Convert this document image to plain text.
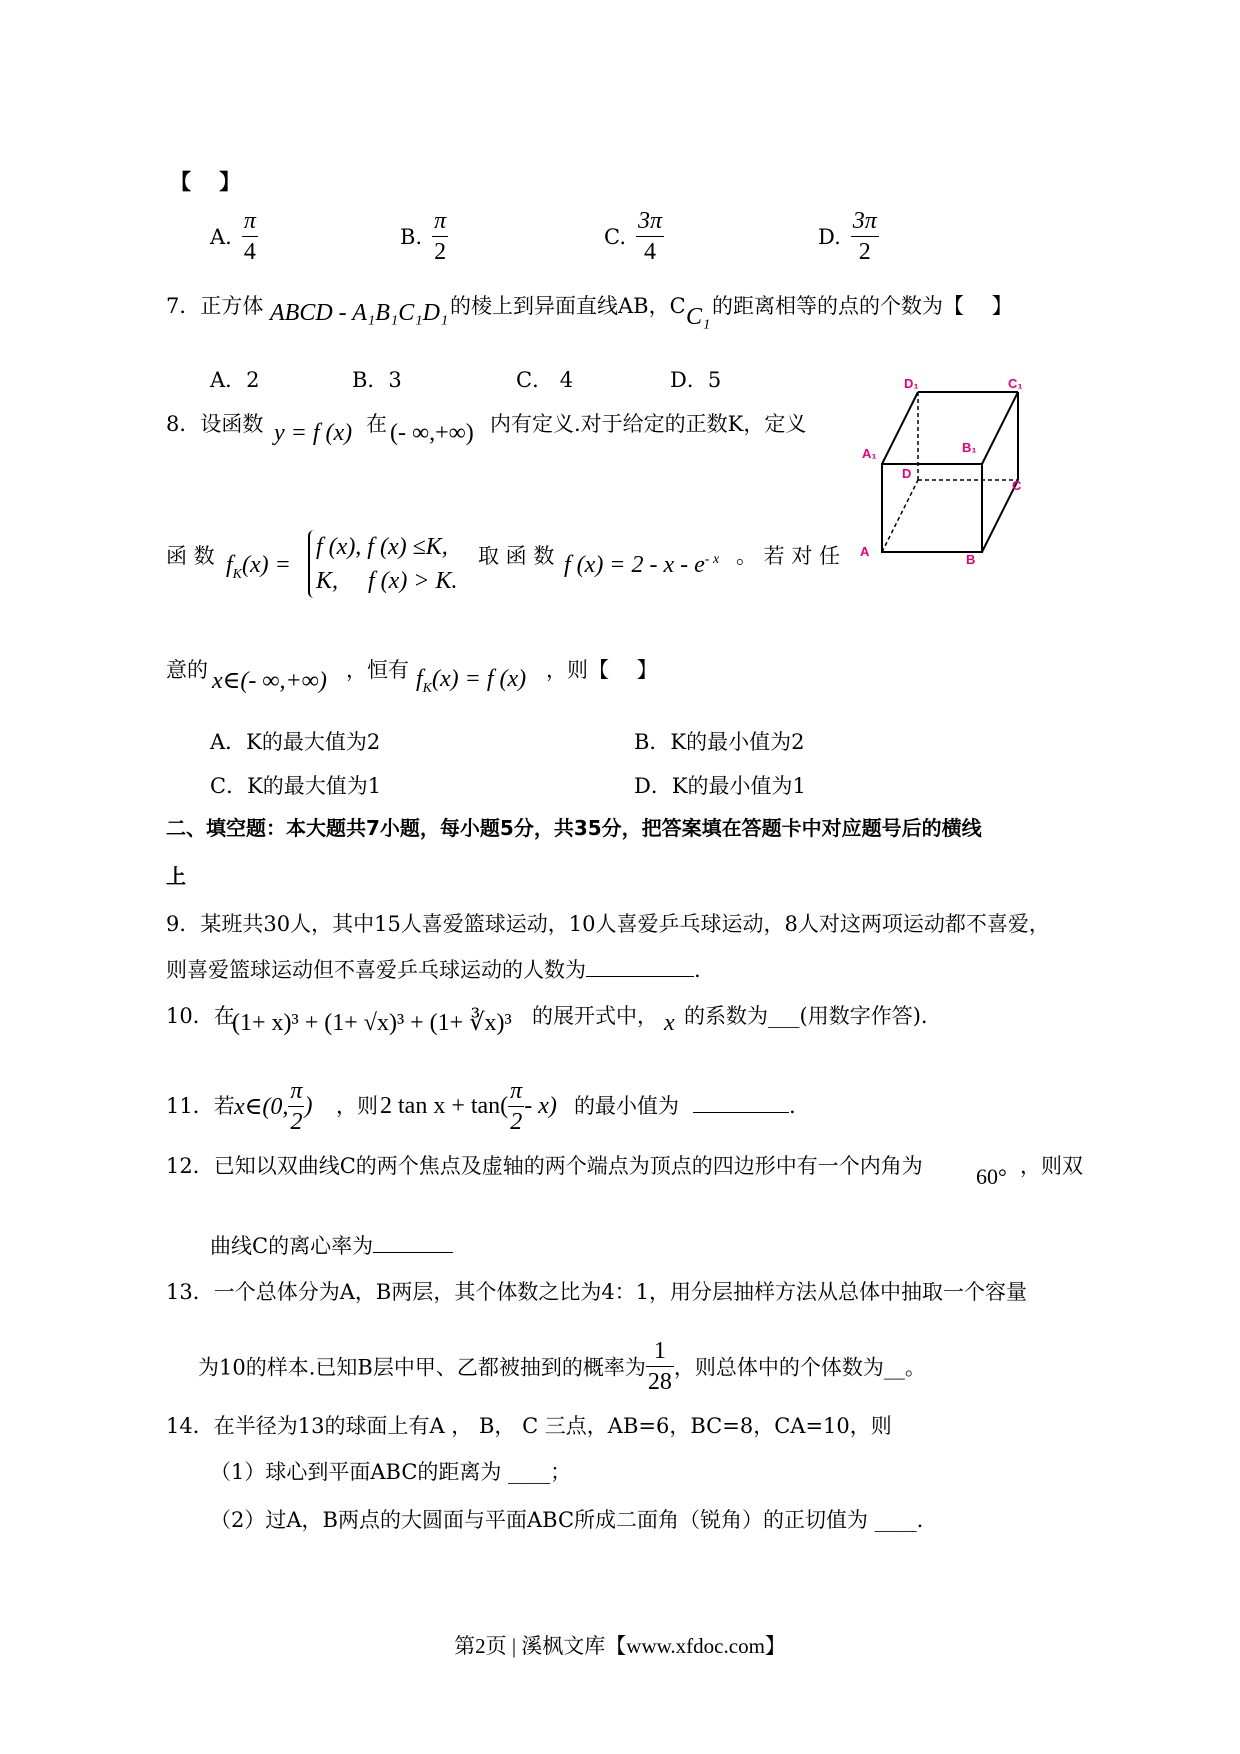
【　 】
A. $\frac{\pi}{4}$	B. $\frac{\pi}{2}$	C. $\frac{3\pi}{4}$	D. $\frac{3\pi}{2}$
7．正方体 ABCD - A₁B₁C₁D₁ 的棱上到异面直线AB，C C₁ 的距离相等的点的个数为【　 】
A．2	B．3	C． 4	D．5
8．设函数 y = f (x) 在 (- ∞,+∞) 内有定义.对于给定的正数K，定义
函 数 $f_K(x)$ =
f (x), f (x) ≤K,
K,　 f (x) > K.
取 函 数 f $(x) = 2 - x - e^{- x}$ 。 若 对 任
意的 x∈(- ∞,+∞) ，恒有 $f_K(x) = f$ (x) ，则【　 】
A．K的最大值为2	B．K的最小值为2
C．K的最大值为1	D．K的最小值为1
D₁	C₁
A₁	B₁
D
C
A
B
二、填空题：本大题共7小题，每小题5分，共35分，把答案填在答题卡中对应题号后的横线
上
9．某班共30人，其中15人喜爱篮球运动，10人喜爱乒乓球运动，8人对这两项运动都不喜爱，
则喜爱篮球运动但不喜爱乒乓球运动的人数为	.
10．在
(1+ x)³ + (1+ √x)³ + (1+ ∛x)³ 的展开式中， x 的系数为___(用数字作答).
11．若 x∈(0, $\frac{\pi}{2}$ ) ，则 2 $\tan x + \tan( \frac{\pi}{2} - x)$ 的最小值为	.
12．已知以双曲线C的两个焦点及虚轴的两个端点为顶点的四边形中有一个内角为 60° ，则双
曲线C的离心率为
13．一个总体分为A，B两层，其个体数之比为4：1，用分层抽样方法从总体中抽取一个容量
为10的样本.已知B层中甲、乙都被抽到的概率为 $\frac{1}{28}$ ，则总体中的个体数为__。
14．在半径为13的球面上有A ， B， C 三点，AB=6，BC=8，CA=10，则
（1）球心到平面ABC的距离为 ____；
（2）过A，B两点的大圆面与平面ABC所成二面角（锐角）的正切值为 ____.
第2页 | 溪枫文库【www.xfdoc.com】
